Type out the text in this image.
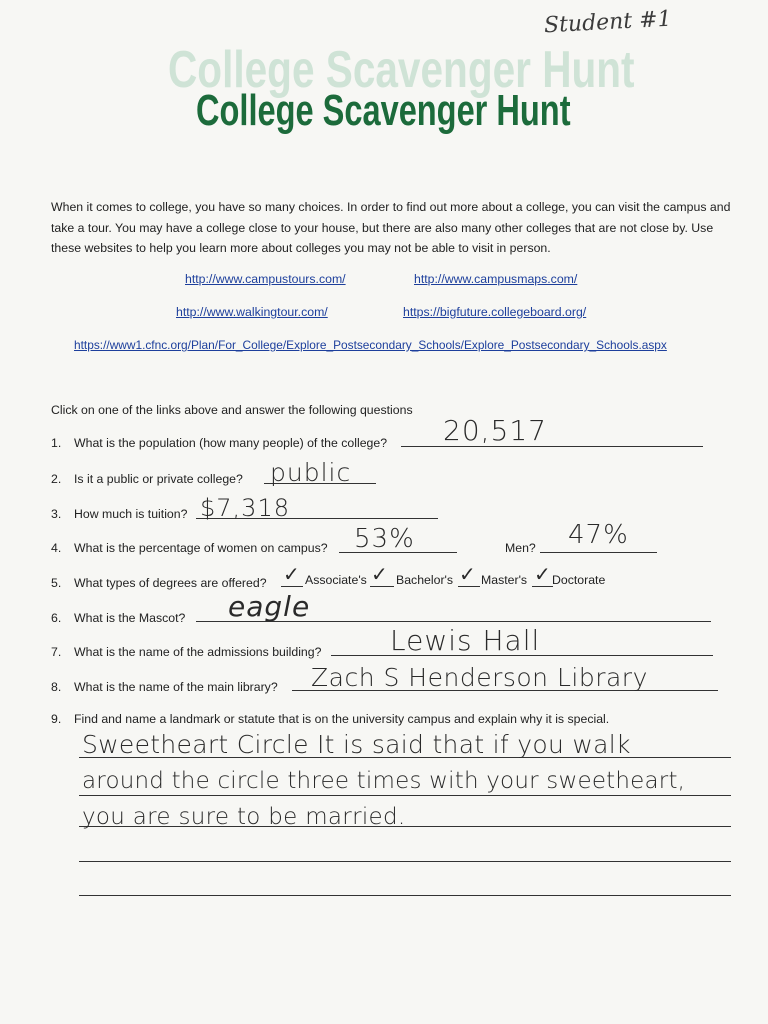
Student #1
College Scavenger Hunt
College Scavenger Hunt
When it comes to college, you have so many choices. In order to find out more about a college, you can visit the campus and take a tour. You may have a college close to your house, but there are also many other colleges that are not close by. Use these websites to help you learn more about colleges you may not be able to visit in person.
http://www.campustours.com/	http://www.campusmaps.com/
http://www.walkingtour.com/	https://bigfuture.collegeboard.org/
https://www1.cfnc.org/Plan/For_College/Explore_Postsecondary_Schools/Explore_Postsecondary_Schools.aspx
Click on one of the links above and answer the following questions
1. What is the population (how many people) of the college? 20,517
2. Is it a public or private college? public
3. How much is tuition? $7,318
4. What is the percentage of women on campus? 53%	Men? 47%
5. What types of degrees are offered? ✓ Associate's ✓ Bachelor's ✓ Master's ✓ Doctorate
6. What is the Mascot? eagle
7. What is the name of the admissions building? Lewis Hall
8. What is the name of the main library? Zach S Henderson Library
9. Find and name a landmark or statute that is on the university campus and explain why it is special.
Sweetheart Circle It is said that if you walk
around the circle three times with your sweetheart,
you are sure to be married.
